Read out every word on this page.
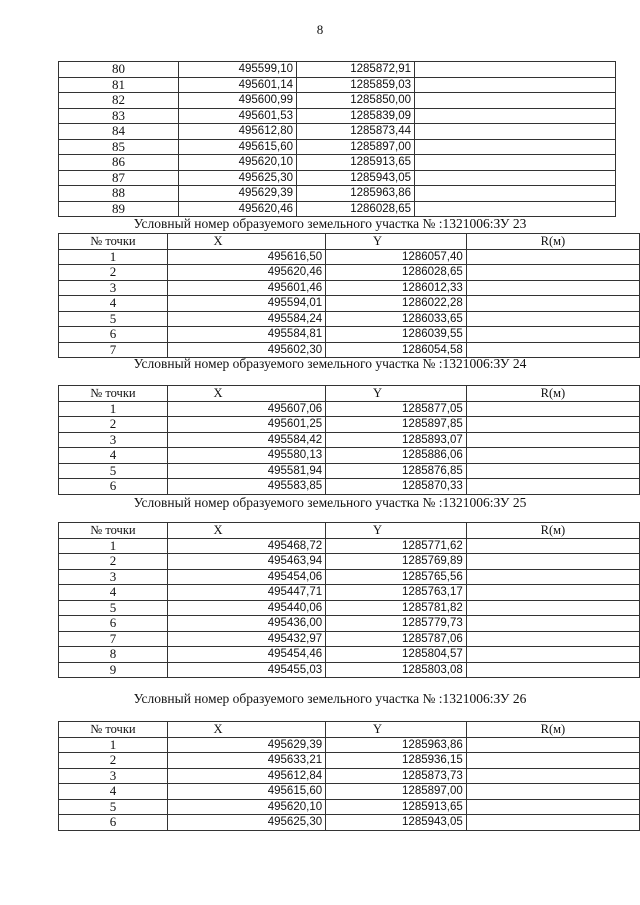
8
80	495599,10	1285872,91	
81	495601,14	1285859,03	
82	495600,99	1285850,00	
83	495601,53	1285839,09	
84	495612,80	1285873,44	
85	495615,60	1285897,00	
86	495620,10	1285913,65	
87	495625,30	1285943,05	
88	495629,39	1285963,86	
89	495620,46	1286028,65	
Условный номер образуемого земельного участка № :1321006:ЗУ 23
№ точки	X	Y	R(м)
1	495616,50	1286057,40	
2	495620,46	1286028,65	
3	495601,46	1286012,33	
4	495594,01	1286022,28	
5	495584,24	1286033,65	
6	495584,81	1286039,55	
7	495602,30	1286054,58	
Условный номер образуемого земельного участка № :1321006:ЗУ 24
№ точки	X	Y	R(м)
1	495607,06	1285877,05	
2	495601,25	1285897,85	
3	495584,42	1285893,07	
4	495580,13	1285886,06	
5	495581,94	1285876,85	
6	495583,85	1285870,33	
Условный номер образуемого земельного участка № :1321006:ЗУ 25
№ точки	X	Y	R(м)
1	495468,72	1285771,62	
2	495463,94	1285769,89	
3	495454,06	1285765,56	
4	495447,71	1285763,17	
5	495440,06	1285781,82	
6	495436,00	1285779,73	
7	495432,97	1285787,06	
8	495454,46	1285804,57	
9	495455,03	1285803,08	
Условный номер образуемого земельного участка № :1321006:ЗУ 26
№ точки	X	Y	R(м)
1	495629,39	1285963,86	
2	495633,21	1285936,15	
3	495612,84	1285873,73	
4	495615,60	1285897,00	
5	495620,10	1285913,65	
6	495625,30	1285943,05	
